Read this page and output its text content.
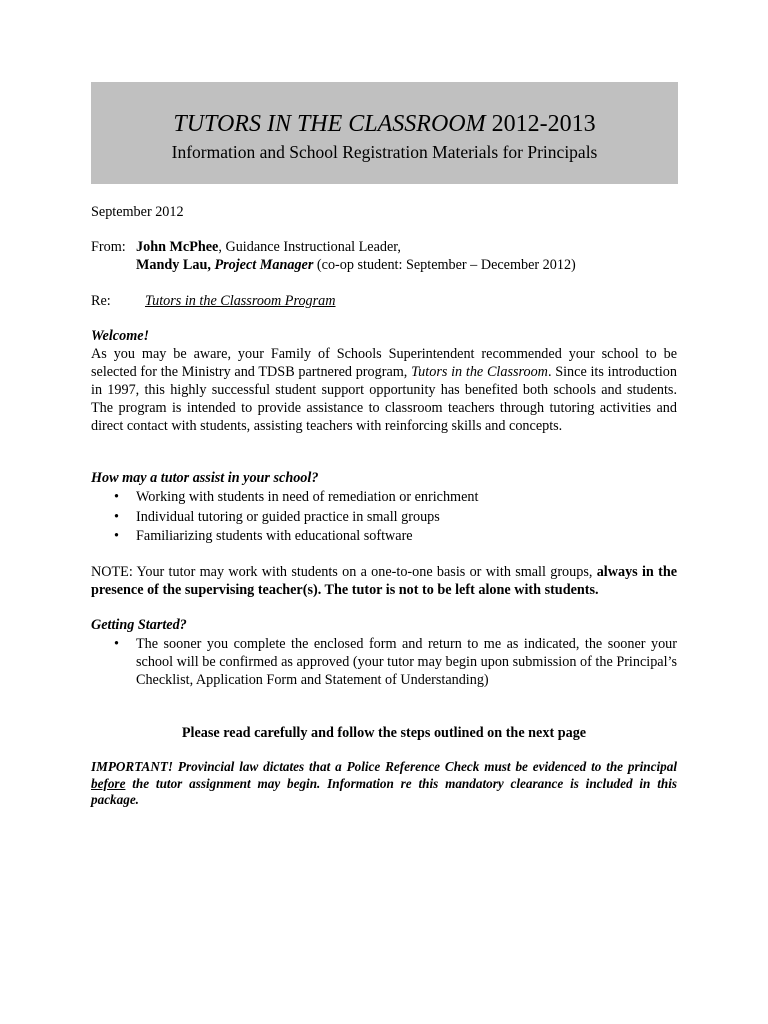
TUTORS IN THE CLASSROOM 2012-2013
Information and School Registration Materials for Principals
September 2012
From: John McPhee, Guidance Instructional Leader,
Mandy Lau, Project Manager (co-op student: September – December 2012)
Re: Tutors in the Classroom Program
Welcome!
As you may be aware, your Family of Schools Superintendent recommended your school to be selected for the Ministry and TDSB partnered program, Tutors in the Classroom. Since its introduction in 1997, this highly successful student support opportunity has benefited both schools and students. The program is intended to provide assistance to classroom teachers through tutoring activities and direct contact with students, assisting teachers with reinforcing skills and concepts.
How may a tutor assist in your school?
• Working with students in need of remediation or enrichment
• Individual tutoring or guided practice in small groups
• Familiarizing students with educational software
NOTE: Your tutor may work with students on a one-to-one basis or with small groups, always in the presence of the supervising teacher(s). The tutor is not to be left alone with students.
Getting Started?
• The sooner you complete the enclosed form and return to me as indicated, the sooner your school will be confirmed as approved (your tutor may begin upon submission of the Principal’s Checklist, Application Form and Statement of Understanding)
Please read carefully and follow the steps outlined on the next page
IMPORTANT! Provincial law dictates that a Police Reference Check must be evidenced to the principal before the tutor assignment may begin. Information re this mandatory clearance is included in this package.
